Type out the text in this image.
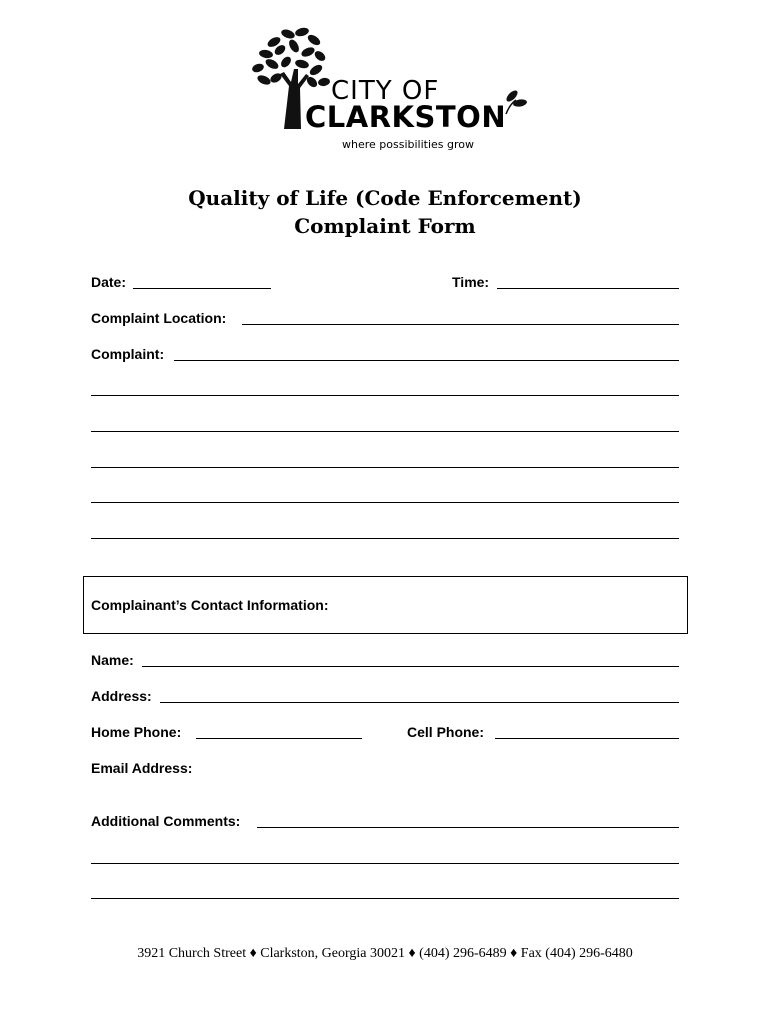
CITY OF
CLARKSTON
where possibilities grow
Quality of Life (Code Enforcement)
Complaint Form
Date:	Time:
Complaint Location:
Complaint:
Complainant’s Contact Information:
Name:
Address:
Home Phone:	Cell Phone:
Email Address:
Additional Comments:
3921 Church Street ♦ Clarkston, Georgia 30021 ♦ (404) 296-6489 ♦ Fax (404) 296-6480
